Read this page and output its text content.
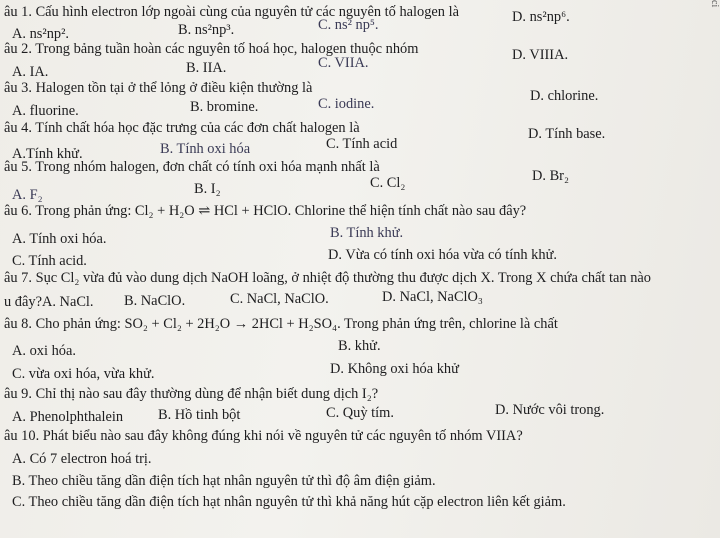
âu 1. Cấu hình electron lớp ngoài cùng của nguyên tử các nguyên tố halogen là
A. ns²np².	B. ns²np³.	C. ns² np⁵.	D. ns²np⁶.
âu 2. Trong bảng tuần hoàn các nguyên tố hoá học, halogen thuộc nhóm
A. IA.	B. IIA.	C. VIIA.	D. VIIIA.
âu 3. Halogen tồn tại ở thể lỏng ở điều kiện thường là
A. fluorine.	B. bromine.	C. iodine.	D. chlorine.
âu 4. Tính chất hóa học đặc trưng của các đơn chất halogen là
A.Tính khử.	B. Tính oxi hóa	C. Tính acid
D. Tính base.
âu 5. Trong nhóm halogen, đơn chất có tính oxi hóa mạnh nhất là
A. F₂	B. I₂	C. Cl₂	D. Br₂
âu 6. Trong phản ứng: Cl₂ + H₂O ⇌ HCl + HClO. Chlorine thể hiện tính chất nào sau đây?
A. Tính oxi hóa.	B. Tính khử.
C. Tính acid.	D. Vừa có tính oxi hóa vừa có tính khử.
âu 7. Sục Cl₂ vừa đủ vào dung dịch NaOH loãng, ở nhiệt độ thường thu được dịch X. Trong X chứa chất tan nào
u đây?A. NaCl. B. NaClO.	C. NaCl, NaClO.	D. NaCl, NaClO₃
âu 8. Cho phản ứng: SO₂ + Cl₂ + 2H₂O → 2HCl + H₂SO₄. Trong phản ứng trên, chlorine là chất
A. oxi hóa.	B. khử.
C. vừa oxi hóa, vừa khử.	D. Không oxi hóa khử
âu 9. Chỉ thị nào sau đây thường dùng để nhận biết dung dịch I₂?
A. Phenolphthalein B. Hồ tinh bột	C. Quỳ tím.	D. Nước vôi trong.
âu 10. Phát biểu nào sau đây không đúng khi nói về nguyên tử các nguyên tố nhóm VIIA?
A. Có 7 electron hoá trị.
B. Theo chiều tăng dần điện tích hạt nhân nguyên tử thì độ âm điện giảm.
C. Theo chiều tăng dần điện tích hạt nhân nguyên tử thì khả năng hút cặp electron liên kết giảm.
ci
